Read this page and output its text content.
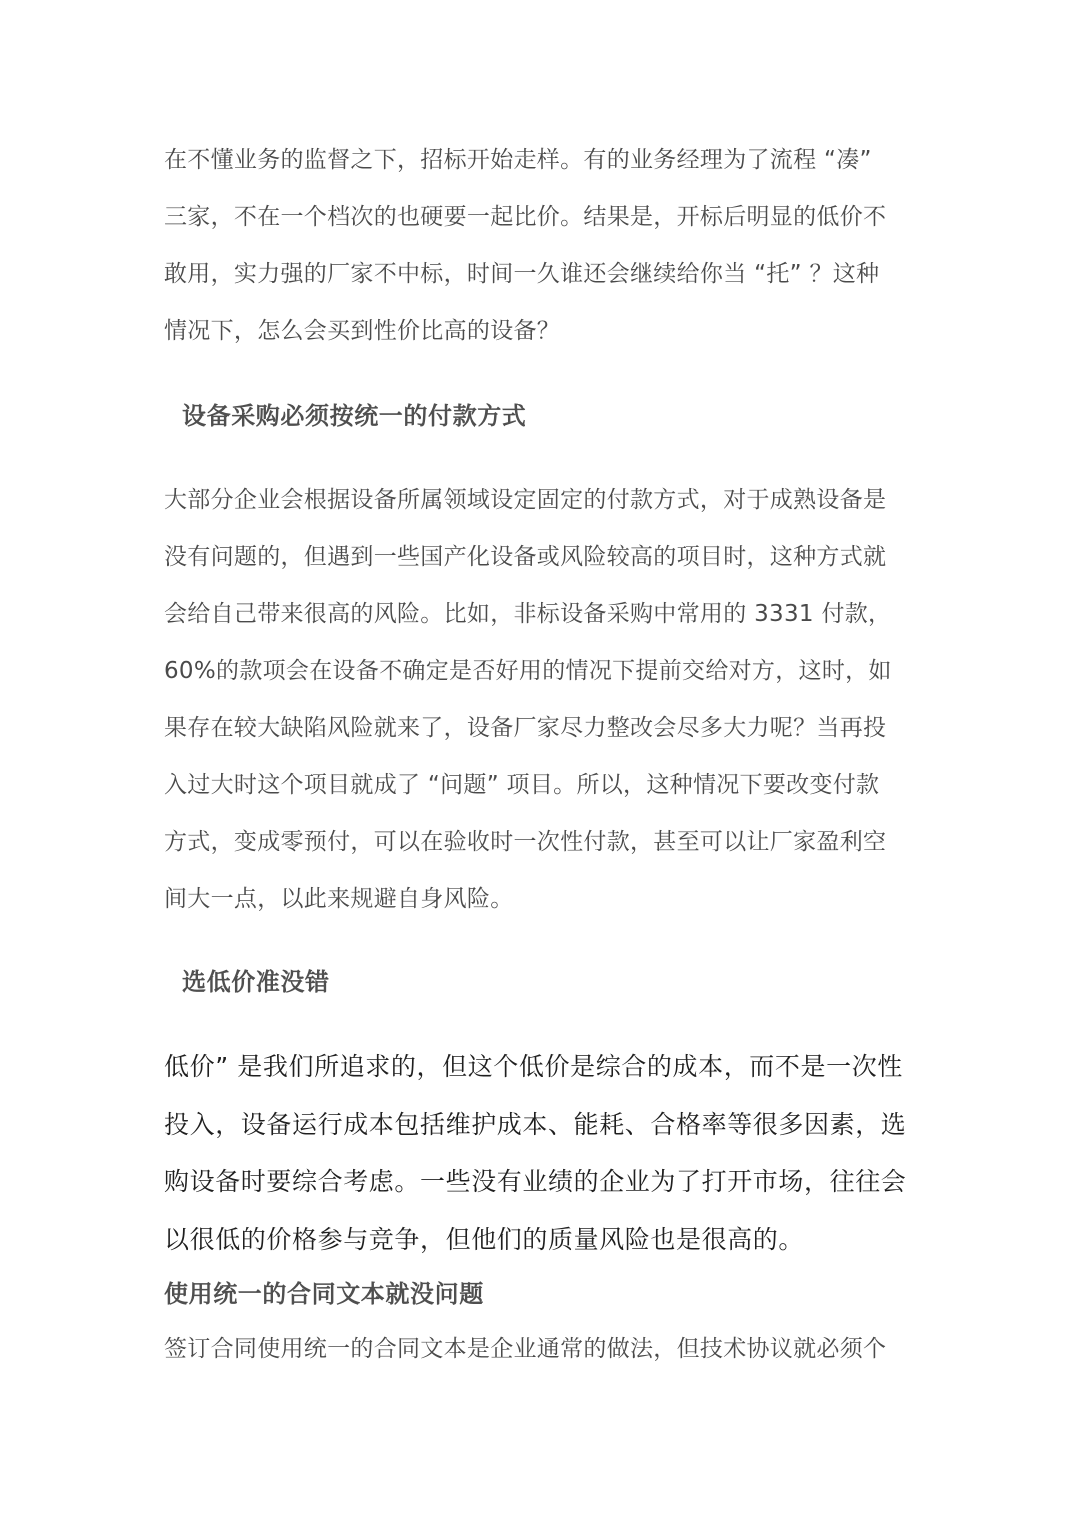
在不懂业务的监督之下，招标开始走样。有的业务经理为了流程 “凑”
三家，不在一个档次的也硬要一起比价。结果是，开标后明显的低价不
敢用，实力强的厂家不中标，时间一久谁还会继续给你当 “托” ？这种
情况下，怎么会买到性价比高的设备？

设备采购必须按统一的付款方式

大部分企业会根据设备所属领域设定固定的付款方式，对于成熟设备是
没有问题的，但遇到一些国产化设备或风险较高的项目时，这种方式就
会给自己带来很高的风险。比如，非标设备采购中常用的 3331 付款，
60%的款项会在设备不确定是否好用的情况下提前交给对方，这时，如
果存在较大缺陷风险就来了，设备厂家尽力整改会尽多大力呢？当再投
入过大时这个项目就成了 “问题” 项目。所以，这种情况下要改变付款
方式，变成零预付，可以在验收时一次性付款，甚至可以让厂家盈利空
间大一点，以此来规避自身风险。

选低价准没错

低价” 是我们所追求的，但这个低价是综合的成本，而不是一次性
投入，设备运行成本包括维护成本、能耗、合格率等很多因素，选
购设备时要综合考虑。一些没有业绩的企业为了打开市场，往往会
以很低的价格参与竞争，但他们的质量风险也是很高的。

使用统一的合同文本就没问题

签订合同使用统一的合同文本是企业通常的做法，但技术协议就必须个
